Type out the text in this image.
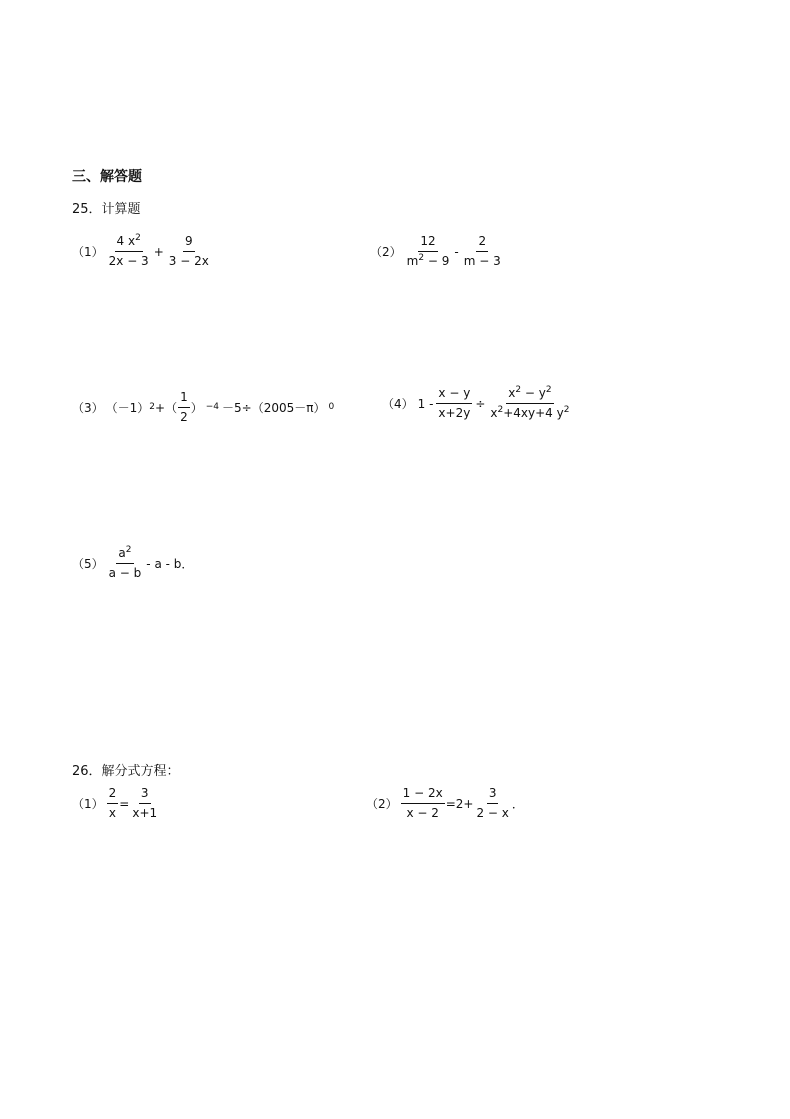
三、解答题
25．计算题
$(1) \frac{4 x^2}{2x - 3} + \frac{9}{3 - 2x}$	$(2) \frac{12}{m^2 - 9} - \frac{2}{m - 3}$
（3） （－1） 2 +（ $\frac{1}{2}$ ） −4 －5÷（2005－π） 0	（4） $1 - \frac{x - y}{x+2y} \div \frac{x^2 - y^2}{x^2+4xy+4 y^2}$
$(5) \frac{a^2}{a - b}$ - a - b．
26．解分式方程：
$(1) \frac{2}{x} = \frac{3}{x+1}$	$(2) \frac{1 - 2x}{x - 2} =2+ \frac{3}{2 - x}$ ．
